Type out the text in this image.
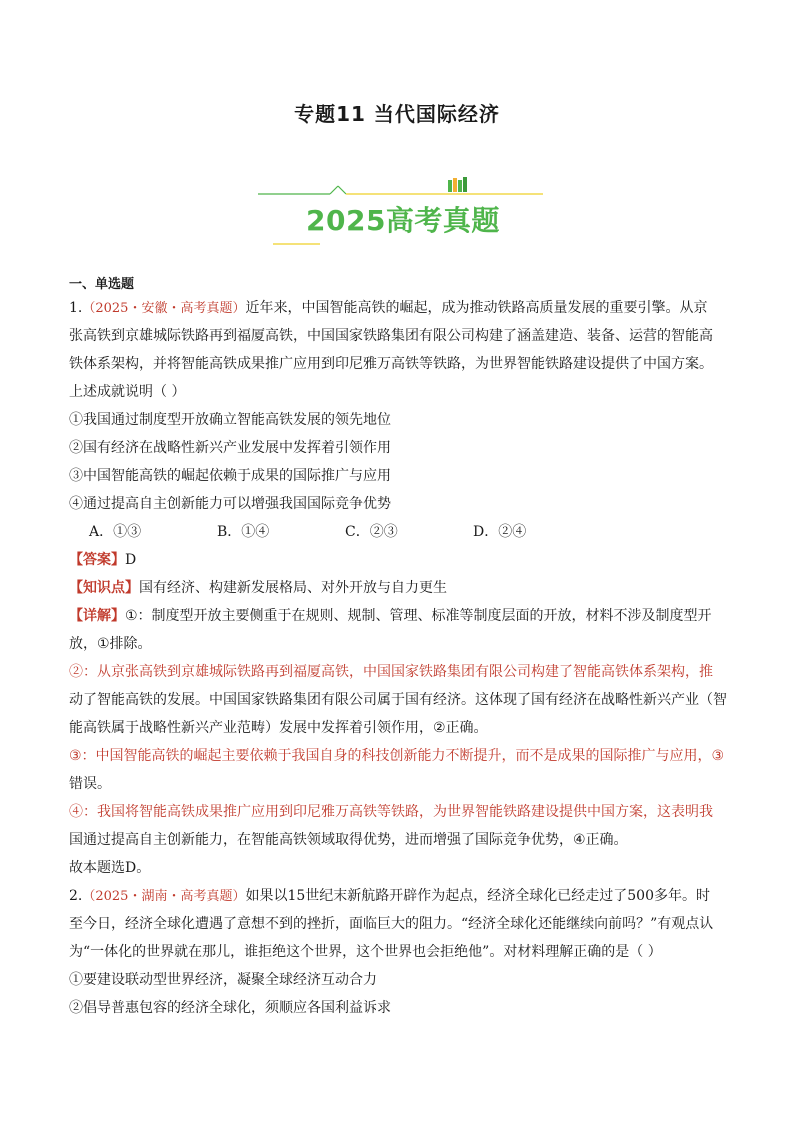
专题11 当代国际经济
2025高考真题
一、单选题
1.（2025・安徽・高考真题）近年来，中国智能高铁的崛起，成为推动铁路高质量发展的重要引擎。从京
张高铁到京雄城际铁路再到福厦高铁，中国国家铁路集团有限公司构建了涵盖建造、装备、运营的智能高
铁体系架构，并将智能高铁成果推广应用到印尼雅万高铁等铁路，为世界智能铁路建设提供了中国方案。
上述成就说明（ ）
①我国通过制度型开放确立智能高铁发展的领先地位
②国有经济在战略性新兴产业发展中发挥着引领作用
③中国智能高铁的崛起依赖于成果的国际推广与应用
④通过提高自主创新能力可以增强我国国际竞争优势
A．①③	B．①④	C．②③	D．②④
【答案】D
【知识点】国有经济、构建新发展格局、对外开放与自力更生
【详解】①：制度型开放主要侧重于在规则、规制、管理、标准等制度层面的开放，材料不涉及制度型开
放，①排除。
②：从京张高铁到京雄城际铁路再到福厦高铁，中国国家铁路集团有限公司构建了智能高铁体系架构，推
动了智能高铁的发展。中国国家铁路集团有限公司属于国有经济。这体现了国有经济在战略性新兴产业（智
能高铁属于战略性新兴产业范畴）发展中发挥着引领作用，②正确。
③：中国智能高铁的崛起主要依赖于我国自身的科技创新能力不断提升，而不是成果的国际推广与应用，③
错误。
④：我国将智能高铁成果推广应用到印尼雅万高铁等铁路，为世界智能铁路建设提供中国方案，这表明我
国通过提高自主创新能力，在智能高铁领域取得优势，进而增强了国际竞争优势，④正确。
故本题选D。
2.（2025・湖南・高考真题）如果以15世纪末新航路开辟作为起点，经济全球化已经走过了500多年。时
至今日，经济全球化遭遇了意想不到的挫折，面临巨大的阻力。“经济全球化还能继续向前吗？”有观点认
为“一体化的世界就在那儿，谁拒绝这个世界，这个世界也会拒绝他”。对材料理解正确的是（ ）
①要建设联动型世界经济，凝聚全球经济互动合力
②倡导普惠包容的经济全球化，须顺应各国利益诉求
